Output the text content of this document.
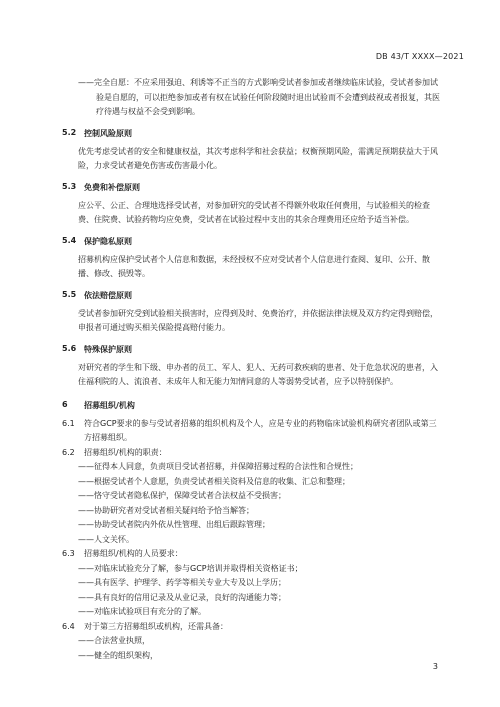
DB 43/T XXXX—2021

——完全自愿：不应采用强迫、利诱等不正当的方式影响受试者参加或者继续临床试验，受试者参加试验是自愿的，可以拒绝参加或者有权在试验任何阶段随时退出试验而不会遭到歧视或者报复，其医疗待遇与权益不会受到影响。

5.2 控制风险原则

优先考虑受试者的安全和健康权益，其次考虑科学和社会获益；权衡预期风险，需满足预期获益大于风险，力求受试者避免伤害或伤害最小化。

5.3 免费和补偿原则

应公平、公正、合理地选择受试者，对参加研究的受试者不得额外收取任何费用，与试验相关的检查费、住院费、试验药物均应免费，受试者在试验过程中支出的其余合理费用还应给予适当补偿。

5.4 保护隐私原则

招募机构应保护受试者个人信息和数据，未经授权不应对受试者个人信息进行查阅、复印、公开、散播、修改、损毁等。

5.5 依法赔偿原则

受试者参加研究受到试验相关损害时，应得到及时、免费治疗，并依据法律法规及双方约定得到赔偿，申报者可通过购买相关保险提高赔付能力。

5.6 特殊保护原则

对研究者的学生和下级、申办者的员工、军人、犯人、无药可救疾病的患者、处于危急状况的患者，入住福利院的人、流浪者、未成年人和无能力知情同意的人等弱势受试者，应予以特别保护。

6	招募组织/机构
6.1	符合GCP要求的参与受试者招募的组织机构及个人，应是专业的药物临床试验机构研究者团队或第三方招募组织。
6.2	招募组织/机构的职责：

——征得本人同意，负责项目受试者招募，并保障招募过程的合法性和合规性；

——根据受试者个人意愿，负责受试者相关资料及信息的收集、汇总和整理；

——恪守受试者隐私保护，保障受试者合法权益不受损害；

——协助研究者对受试者相关疑问给予恰当解答；

——协助受试者院内外依从性管理、出组后跟踪管理；

——人文关怀。

6.3	招募组织/机构的人员要求：

——对临床试验充分了解，参与GCP培训并取得相关资格证书；

——具有医学、护理学、药学等相关专业大专及以上学历；

——具有良好的信用记录及从业记录，良好的沟通能力等；

——对临床试验项目有充分的了解。

6.4	对于第三方招募组织或机构，还需具备：

——合法营业执照，

——健全的组织架构，

3
